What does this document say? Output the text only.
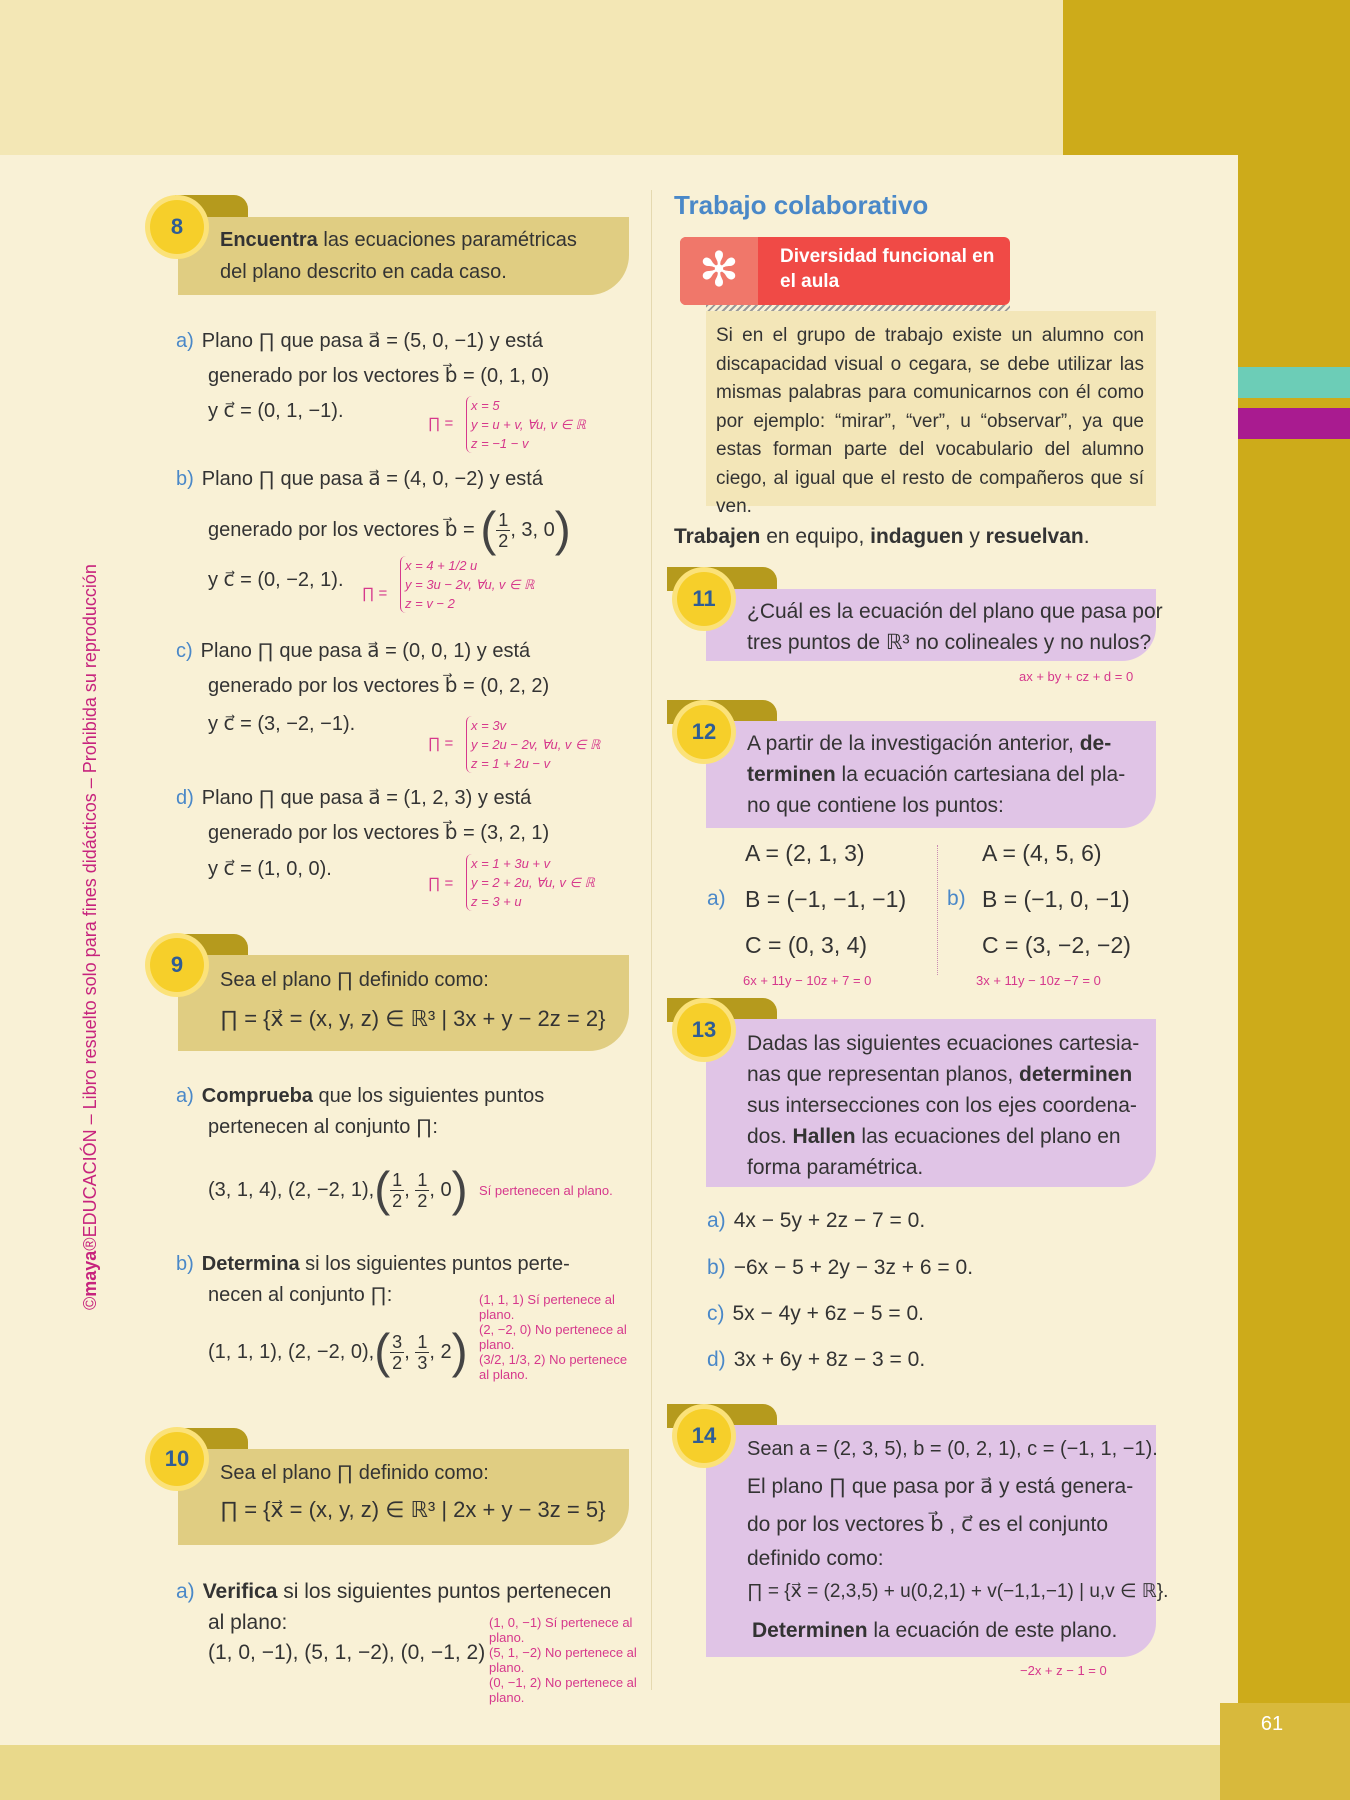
61
©maya®EDUCACIÓN – Libro resuelto solo para fines didácticos – Prohibida su reproducción
8
Encuentra las ecuaciones paramétricas
del plano descrito en cada caso.
a) Plano ∏ que pasa a⃗ = (5, 0, −1) y está
generado por los vectores b⃗ = (0, 1, 0)
y c⃗ = (0, 1, −1).
∏ =
x = 5
y = u + v, ∀u, v ∈ ℝ
z = −1 − v
b) Plano ∏ que pasa a⃗ = (4, 0, −2) y está
generado por los vectores b⃗ = ( $\frac{1}{2}$ , 3, 0)
y c⃗ = (0, −2, 1).
∏ =
x = 4 + 1/2 u
y = 3u − 2v, ∀u, v ∈ ℝ
z = v − 2
c) Plano ∏ que pasa a⃗ = (0, 0, 1) y está
generado por los vectores b⃗ = (0, 2, 2)
y c⃗ = (3, −2, −1).
∏ =
x = 3v
y = 2u − 2v, ∀u, v ∈ ℝ
z = 1 + 2u − v
d) Plano ∏ que pasa a⃗ = (1, 2, 3) y está
generado por los vectores b⃗ = (3, 2, 1)
y c⃗ = (1, 0, 0).
∏ =
x = 1 + 3u + v
y = 2 + 2u, ∀u, v ∈ ℝ
z = 3 + u
9
Sea el plano ∏ definido como:
∏ = {x⃗ = (x, y, z) ∈ ℝ³ | 3x + y − 2z = 2}
a) Comprueba que los siguientes puntos
pertenecen al conjunto ∏:
(3, 1, 4), (2, −2, $1),( \frac{1}{2}$ , $\frac{1}{2}$ , 0) Sí pertenecen al plano.
b) Determina si los siguientes puntos perte-
necen al conjunto ∏:
(1, 1, 1), (2, −2, $0),( \frac{3}{2}$ , $\frac{1}{3}$ , 2)
(1, 1, 1) Sí pertenece al plano.
(2, −2, 0) No pertenece al plano.
(3/2, 1/3, 2) No pertenece al plano.
10
Sea el plano ∏ definido como:
∏ = {x⃗ = (x, y, z) ∈ ℝ³ | 2x + y − 3z = 5}
a) Verifica si los siguientes puntos pertenecen
al plano:
(1, 0, −1), (5, 1, −2), (0, −1, 2)
(1, 0, −1) Sí pertenece al plano.
(5, 1, −2) No pertenece al plano.
(0, −1, 2) No pertenece al plano.
Trabajo colaborativo
✻	Diversidad funcional en el aula
Si en el grupo de trabajo existe un alumno con discapacidad visual o cegara, se debe utilizar las mismas palabras para comunicarnos con él como por ejemplo: “mirar”, “ver”, u “observar”, ya que estas forman parte del vocabulario del alumno ciego, al igual que el resto de compañeros que sí ven.
Trabajen en equipo, indaguen y resuelvan.
11
¿Cuál es la ecuación del plano que pasa por
tres puntos de ℝ³ no colineales y no nulos?
ax + by + cz + d = 0
12	A partir de la investigación anterior, de-
terminen la ecuación cartesiana del pla-
no que contiene los puntos:
A = (2, 1, 3)
a) B = (−1, −1, −1)
C = (0, 3, 4)
6x + 11y − 10z + 7 = 0
b)
A = (4, 5, 6)
B = (−1, 0, −1)
C = (3, −2, −2)
3x + 11y − 10z −7 = 0
13
Dadas las siguientes ecuaciones cartesia-
nas que representan planos, determinen
sus intersecciones con los ejes coordena-
dos. Hallen las ecuaciones del plano en
forma paramétrica.
a) 4x − 5y + 2z − 7 = 0.
b) −6x − 5 + 2y − 3z + 6 = 0.
c) 5x − 4y + 6z − 5 = 0.
d) 3x + 6y + 8z − 3 = 0.
14
Sean a = (2, 3, 5), b = (0, 2, 1), c = (−1, 1, −1).
El plano ∏ que pasa por a⃗ y está genera-
do por los vectores b⃗ , c⃗ es el conjunto
definido como:
∏ = {x⃗ = (2,3,5) + u(0,2,1) + v(−1,1,−1) | u,v ∈ ℝ}.
Determinen la ecuación de este plano.
−2x + z − 1 = 0
